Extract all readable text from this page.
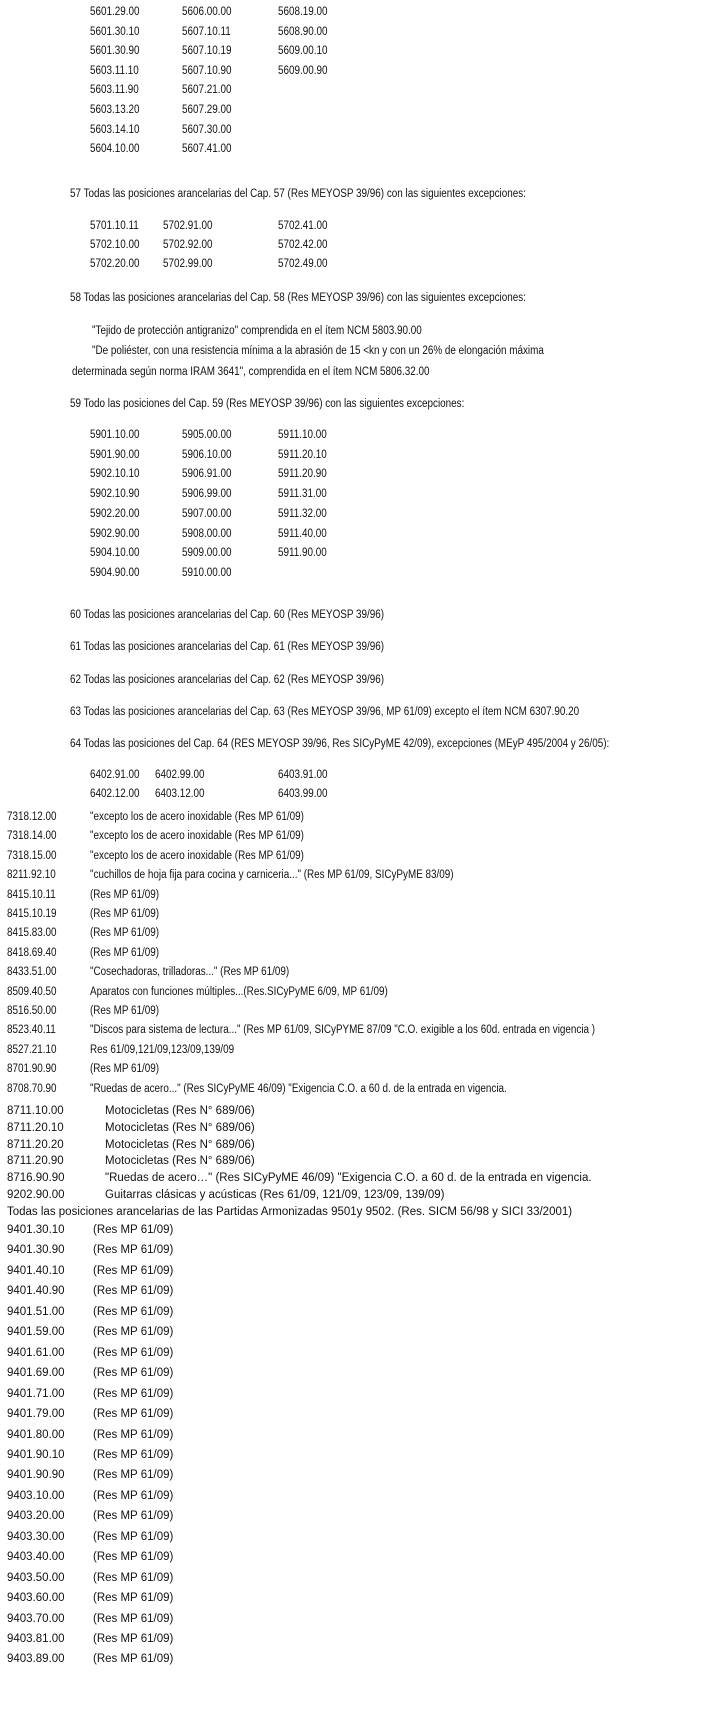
5601.29.00	5606.00.00	5608.19.00
5601.30.10	5607.10.11	5608.90.00
5601.30.90	5607.10.19	5609.00.10
5603.11.10	5607.10.90	5609.00.90
5603.11.90	5607.21.00
5603.13.20	5607.29.00
5603.14.10	5607.30.00
5604.10.00	5607.41.00
57 Todas las posiciones arancelarias del Cap. 57 (Res MEYOSP 39/96) con las siguientes excepciones:
5701.10.11 5702.91.00	5702.41.00
5702.10.00 5702.92.00	5702.42.00
5702.20.00 5702.99.00	5702.49.00
58 Todas las posiciones arancelarias del Cap. 58 (Res MEYOSP 39/96) con las siguientes excepciones:
"Tejido de protección antigranizo" comprendida en el ítem NCM 5803.90.00
"De poliéster, con una resistencia mínima a la abrasión de 15 <kn y con un 26% de elongación máxima
determinada según norma IRAM 3641", comprendida en el ítem NCM 5806.32.00
59 Todo las posiciones del Cap. 59 (Res MEYOSP 39/96) con las siguientes excepciones:
5901.10.00	5905.00.00	5911.10.00
5901.90.00	5906.10.00	5911.20.10
5902.10.10	5906.91.00	5911.20.90
5902.10.90	5906.99.00	5911.31.00
5902.20.00	5907.00.00	5911.32.00
5902.90.00	5908.00.00	5911.40.00
5904.10.00	5909.00.00	5911.90.00
5904.90.00	5910.00.00
60 Todas las posiciones arancelarias del Cap. 60 (Res MEYOSP 39/96)
61 Todas las posiciones arancelarias del Cap. 61 (Res MEYOSP 39/96)
62 Todas las posiciones arancelarias del Cap. 62 (Res MEYOSP 39/96)
63 Todas las posiciones arancelarias del Cap. 63 (Res MEYOSP 39/96, MP 61/09) excepto el ítem NCM 6307.90.20
64 Todas las posiciones del Cap. 64 (RES MEYOSP 39/96, Res SICyPyME 42/09), excepciones (MEyP 495/2004 y 26/05):
6402.91.00 6402.99.00	6403.91.00
6402.12.00 6403.12.00	6403.99.00
7318.12.00	"excepto los de acero inoxidable (Res MP 61/09)
7318.14.00	"excepto los de acero inoxidable (Res MP 61/09)
7318.15.00	"excepto los de acero inoxidable (Res MP 61/09)
8211.92.10	"cuchillos de hoja fija para cocina y carniceria..." (Res MP 61/09, SICyPyME 83/09)
8415.10.11	(Res MP 61/09)
8415.10.19	(Res MP 61/09)
8415.83.00	(Res MP 61/09)
8418.69.40	(Res MP 61/09)
8433.51.00	"Cosechadoras, trilladoras..." (Res MP 61/09)
8509.40.50	Aparatos con funciones múltiples...(Res.SICyPyME 6/09, MP 61/09)
8516.50.00	(Res MP 61/09)
8523.40.11	"Discos para sistema de lectura..." (Res MP 61/09, SICyPYME 87/09 "C.O. exigible a los 60d. entrada en vigencia )
8527.21.10	Res 61/09,121/09,123/09,139/09
8701.90.90	(Res MP 61/09)
8708.70.90	"Ruedas de acero..." (Res SICyPyME 46/09) "Exigencia C.O. a 60 d. de la entrada en vigencia.
8711.10.00	Motocicletas (Res N° 689/06)
8711.20.10	Motocicletas (Res N° 689/06)
8711.20.20	Motocicletas (Res N° 689/06)
8711.20.90	Motocicletas (Res N° 689/06)
8716.90.90	"Ruedas de acero…" (Res SICyPyME 46/09) "Exigencia C.O. a 60 d. de la entrada en vigencia.
9202.90.00	Guitarras clásicas y acústicas (Res 61/09, 121/09, 123/09, 139/09)
Todas las posiciones arancelarias de las Partidas Armonizadas 9501y 9502. (Res. SICM 56/98 y SICI 33/2001)
9401.30.10 (Res MP 61/09)
9401.30.90 (Res MP 61/09)
9401.40.10 (Res MP 61/09)
9401.40.90 (Res MP 61/09)
9401.51.00 (Res MP 61/09)
9401.59.00 (Res MP 61/09)
9401.61.00 (Res MP 61/09)
9401.69.00 (Res MP 61/09)
9401.71.00 (Res MP 61/09)
9401.79.00 (Res MP 61/09)
9401.80.00 (Res MP 61/09)
9401.90.10 (Res MP 61/09)
9401.90.90 (Res MP 61/09)
9403.10.00 (Res MP 61/09)
9403.20.00 (Res MP 61/09)
9403.30.00 (Res MP 61/09)
9403.40.00 (Res MP 61/09)
9403.50.00 (Res MP 61/09)
9403.60.00 (Res MP 61/09)
9403.70.00 (Res MP 61/09)
9403.81.00 (Res MP 61/09)
9403.89.00 (Res MP 61/09)
